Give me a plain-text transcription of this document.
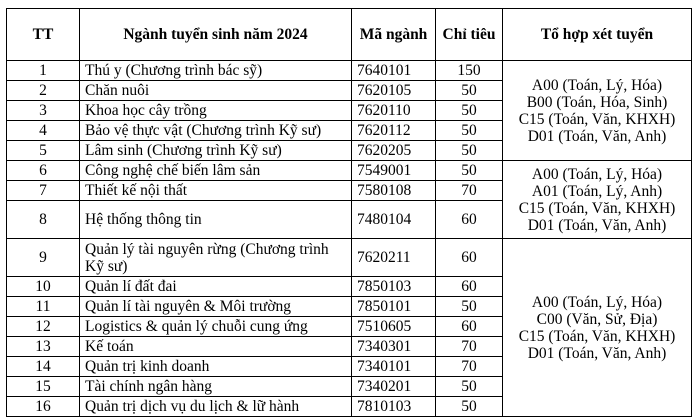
TT	Ngành tuyển sinh năm 2024	Mã ngành	Chỉ tiêu	Tổ hợp xét tuyển
1	Thú y (Chương trình bác sỹ)	7640101	150	A00 (Toán, Lý, Hóa)
B00 (Toán, Hóa, Sinh)
C15 (Toán, Văn, KHXH)
D01 (Toán, Văn, Anh)

2	Chăn nuôi	7620105	50	
3	Khoa học cây trồng	7620110	50	
4	Bảo vệ thực vật (Chương trình Kỹ sư)	7620112	50	
5	Lâm sinh (Chương trình Kỹ sư)	7620205	50	
6	Công nghệ chế biến lâm sản	7549001	50	A00 (Toán, Lý, Hóa)
A01 (Toán, Lý, Anh)
C15 (Toán, Văn, KHXH)
D01 (Toán, Văn, Anh)

7	Thiết kế nội thất	7580108	70	
8	Hệ thống thông tin	7480104	60	
9	Quản lý tài nguyên rừng (Chương trình Kỹ sư)	7620211	60	A00 (Toán, Lý, Hóa)
C00 (Văn, Sử, Địa)
C15 (Toán, Văn, KHXH)
D01 (Toán, Văn, Anh)

10	Quản lí đất đai	7850103	60	
11	Quản lí tài nguyên & Môi trường	7850101	50	
12	Logistics & quản lý chuỗi cung ứng	7510605	60	
13	Kế toán	7340301	70	
14	Quản trị kinh doanh	7340101	70	
15	Tài chính ngân hàng	7340201	50	
16	Quản trị dịch vụ du lịch & lữ hành	7810103	50	
